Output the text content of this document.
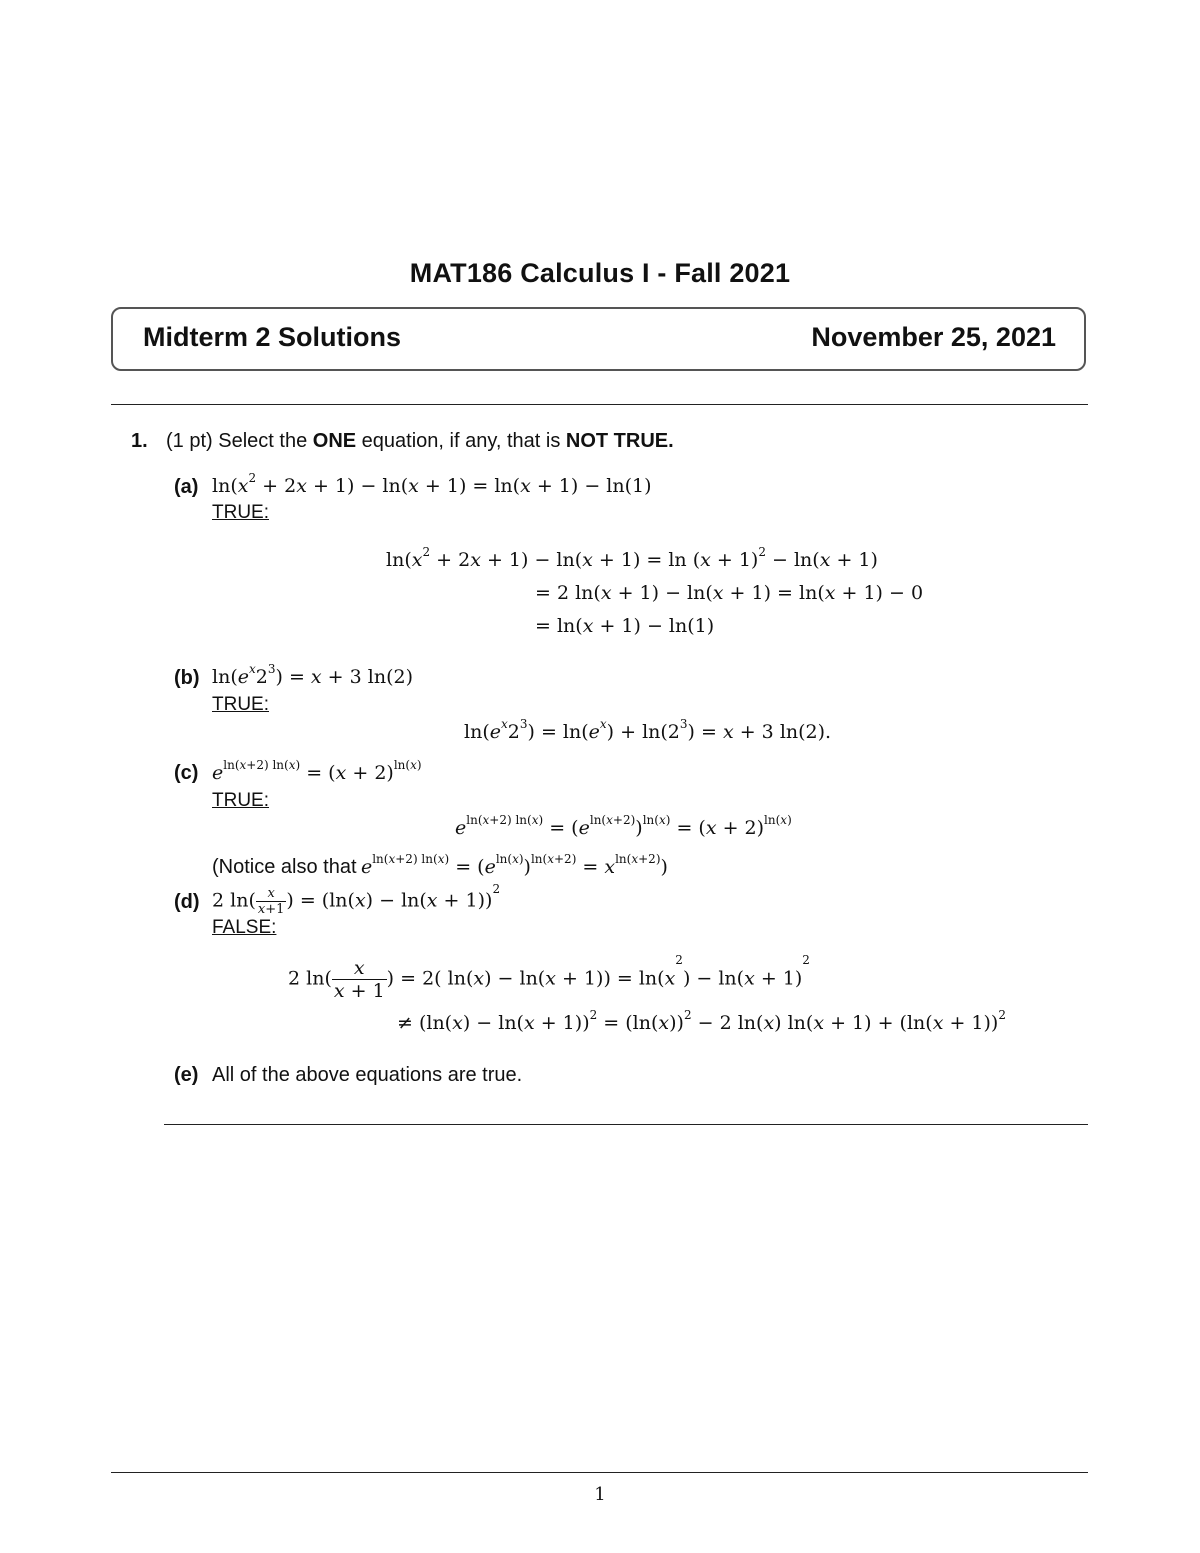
MAT186 Calculus I - Fall 2021
Midterm 2 Solutions	November 25, 2021
1. (1 pt) Select the ONE equation, if any, that is NOT TRUE.
(a) $\ln(x^2 + 2x + 1) - \ln(x + 1) = \ln(x + 1) - \ln(1)$
TRUE:
$\ln(x^2 + 2x + 1) - \ln(x + 1) = \ln (x + 1)^2 - \ln(x + 1)$
= 2 ln(x + 1) − ln(x + 1) = ln(x + 1) − 0
= ln(x + 1) − ln(1)
(b) $\ln(e^x2^3) = x + 3$ ln(2)
TRUE:
$\ln(e^x2^3) = \ln(e^x) + \ln(2^3) = x + 3$ ln(2).
(c) $e^{ln(x+2) ln(x)} = (x + 2)^{ln(x)}$
TRUE:
$e^{ln(x+2) ln(x)} = (e^{ln(x+2)})^{ln(x)} = (x + 2)^{ln(x)}$
(Notice also that $e^{ln(x+2) ln(x)} = (e^{ln(x)})^{ln(x+2)} = x^{ln(x+2)}$)
(d) 2 $\ln( \frac{x}{x+1}$ ) = $(\ln(x) - \ln(x + 1))^2$
FALSE:
2 $\ln( \frac{x}{x + 1}$ ) = 2( $\ln(x) - \ln(x + 1)) = \ln(x^2) - \ln(x + 1)^2$
≠ $(\ln(x) - \ln(x + 1))^2 = (\ln(x))^2 - 2$ ln(x) $\ln(x + 1) + (\ln(x + 1))^2$
(e) All of the above equations are true.
1
